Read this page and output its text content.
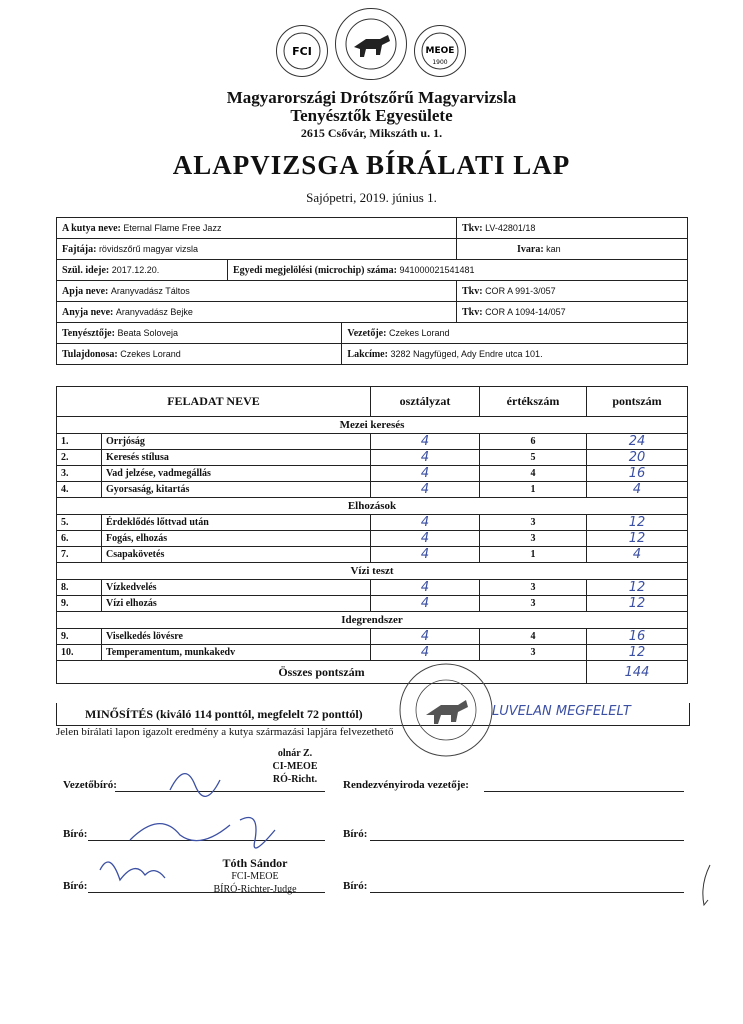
FCI	MEOE
1900
Magyarországi Drótszőrű Magyarvizsla
Tenyésztők Egyesülete
2615 Csővár, Mikszáth u. 1.
ALAPVIZSGA BÍRÁLATI LAP
Sajópetri, 2019. június 1.
A kutya neve: Eternal Flame Free Jazz			Tkv: LV-42801/18
Fajtája: rövidszőrű magyar vizsla			Ivara: kan
Szül. ideje: 2017.12.20.	Egyedi megjelölési (microchip) száma: 941000021541481		
Apja neve: Aranyvadász Táltos			Tkv: COR A 991-3/057
Anyja neve: Aranyvadász Bejke			Tkv: COR A 1094-14/057
Tenyésztője: Beata Soloveja		Vezetője: Czekes Lorand	
Tulajdonosa: Czekes Lorand		Lakcíme: 3282 Nagyfüged, Ady Endre utca 101.	
FELADAT NEVE		osztályzat	értékszám	pontszám
Mezei keresés				
1.	Orrjóság	4	6	24
2.	Keresés stílusa	4	5	20
3.	Vad jelzése, vadmegállás	4	4	16
4.	Gyorsaság, kitartás	4	1	4
Elhozások				
5.	Érdeklődés lőttvad után	4	3	12
6.	Fogás, elhozás	4	3	12
7.	Csapakövetés	4	1	4
Vízi teszt				
8.	Vízkedvelés	4	3	12
9.	Vízi elhozás	4	3	12
Idegrendszer				
9.	Viselkedés lövésre	4	4	16
10.	Temperamentum, munkakedv	4	3	12
Összes pontszám				144
MINŐSÍTÉS (kiváló 114 ponttól, megfelelt 72 ponttól)	LUVELAN MEGFELELT
Jelen bírálati lapon igazolt eredmény a kutya származási lapjára felvezethető
Vezetőbíró:	Rendezvényiroda vezetője:
Bíró:	Bíró:
Bíró:	Bíró:
olnár Z.
CI-MEOE
RÓ-Richt.
Tóth Sándor
FCI-MEOE
BÍRÓ-Richter-Judge
